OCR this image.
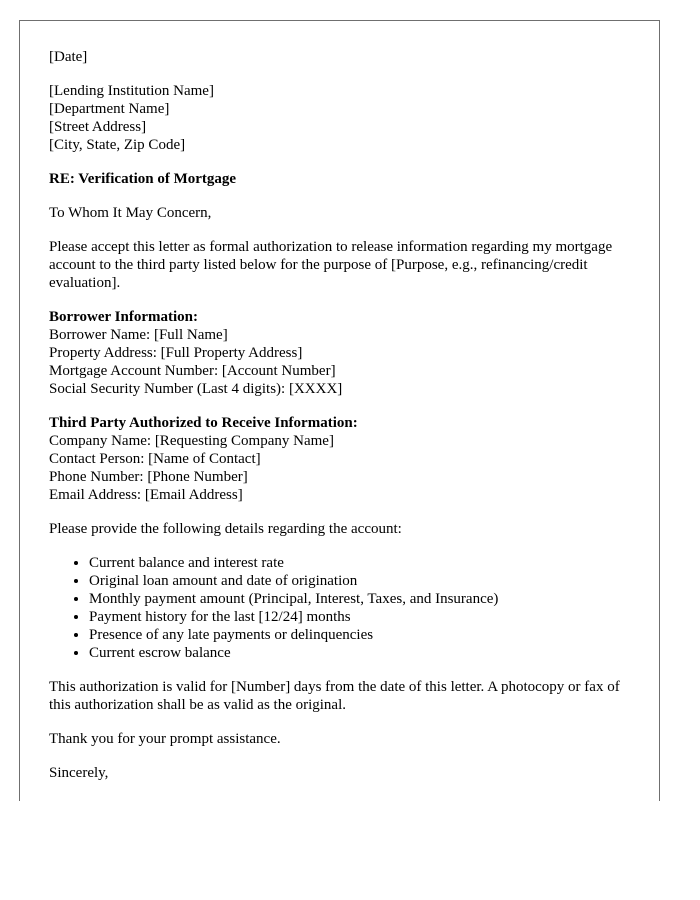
[Date]

[Lending Institution Name]
[Department Name]
[Street Address]
[City, State, Zip Code]

RE: Verification of Mortgage

To Whom It May Concern,

Please accept this letter as formal authorization to release information regarding my mortgage account to the third party listed below for the purpose of [Purpose, e.g., refinancing/credit evaluation].

Borrower Information:
Borrower Name: [Full Name]
Property Address: [Full Property Address]
Mortgage Account Number: [Account Number]
Social Security Number (Last 4 digits): [XXXX]

Third Party Authorized to Receive Information:
Company Name: [Requesting Company Name]
Contact Person: [Name of Contact]
Phone Number: [Phone Number]
Email Address: [Email Address]

Please provide the following details regarding the account:

• Current balance and interest rate
• Original loan amount and date of origination
• Monthly payment amount (Principal, Interest, Taxes, and Insurance)
• Payment history for the last [12/24] months
• Presence of any late payments or delinquencies
• Current escrow balance

This authorization is valid for [Number] days from the date of this letter. A photocopy or fax of this authorization shall be as valid as the original.

Thank you for your prompt assistance.

Sincerely,
